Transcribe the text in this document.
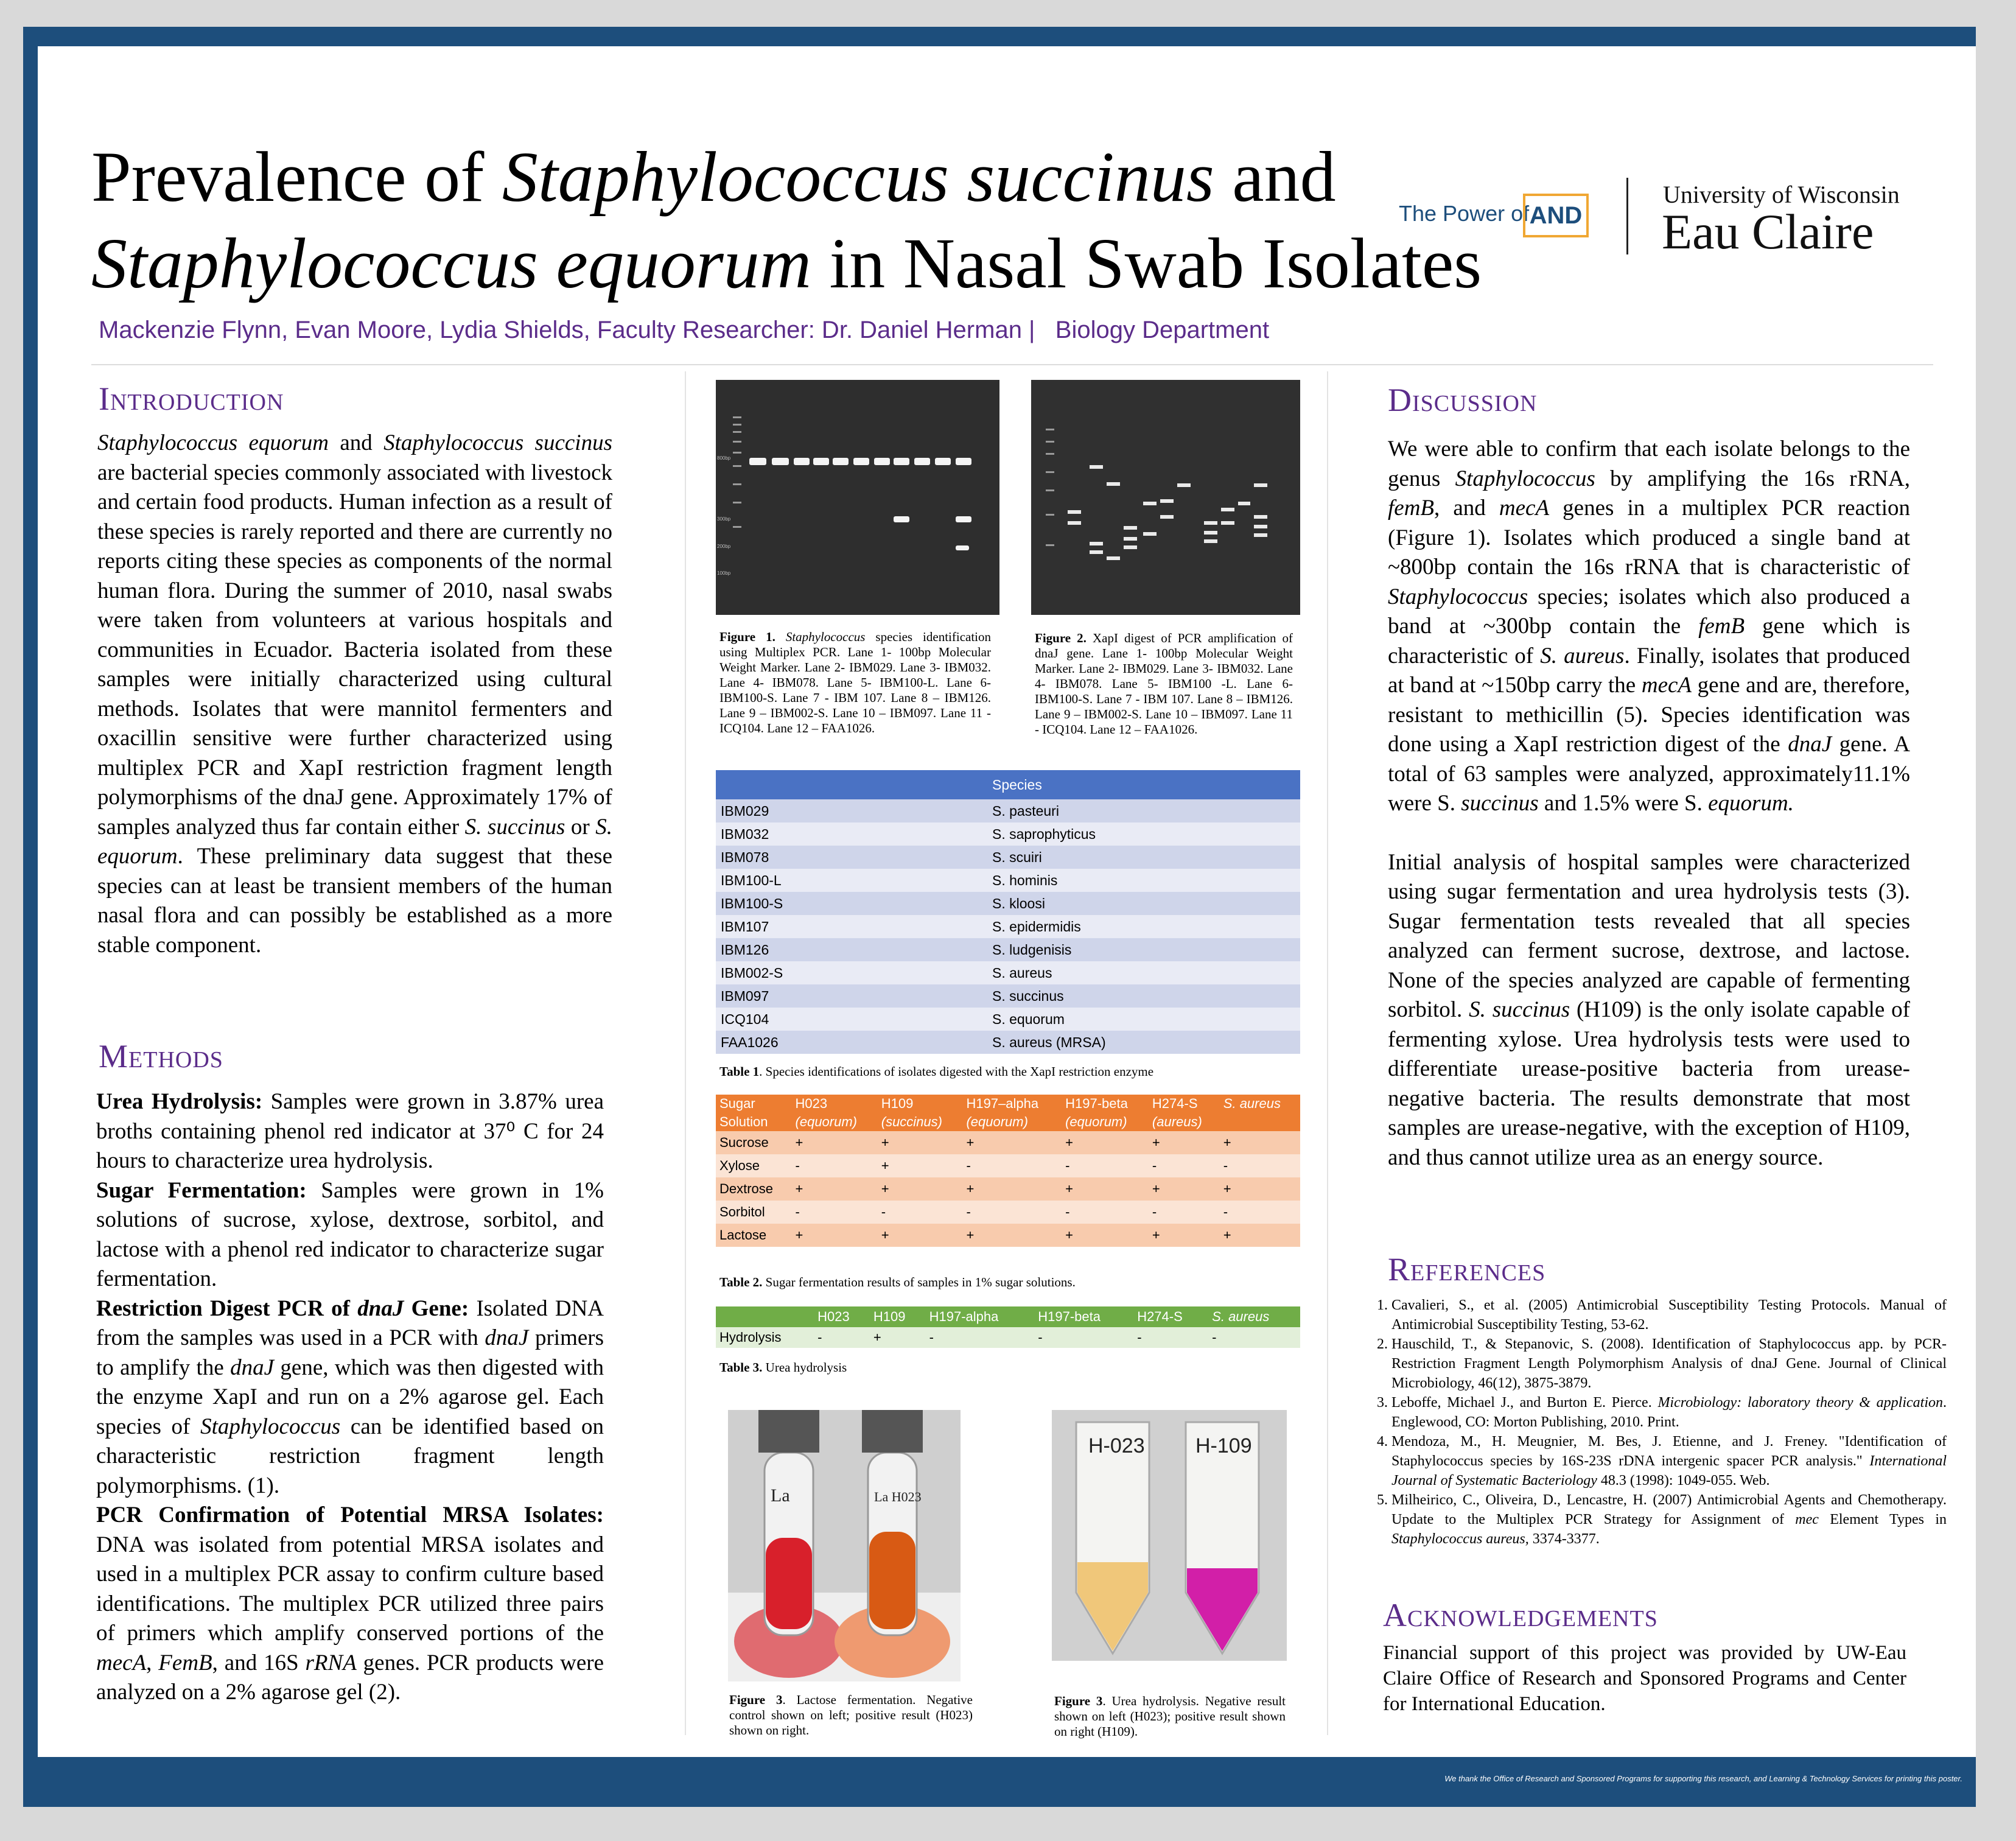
Prevalence of Staphylococcus succinus and
Staphylococcus equorum in Nasal Swab Isolates
Mackenzie Flynn, Evan Moore, Lydia Shields, Faculty Researcher: Dr. Daniel Herman |   Biology Department
The Power of AND
University of Wisconsin
Eau Claire
Introduction
Staphylococcus equorum and Staphylococcus succinus are bacterial species commonly associated with livestock and certain food products. Human infection as a result of these species is rarely reported and there are currently no reports citing these species as components of the normal human flora. During the summer of 2010, nasal swabs were taken from volunteers at various hospitals and communities in Ecuador. Bacteria isolated from these samples were initially characterized using cultural methods. Isolates that were mannitol fermenters and oxacillin sensitive were further characterized using multiplex PCR and XapI restriction fragment length polymorphisms of the dnaJ gene. Approximately 17% of samples analyzed thus far contain either S. succinus or S. equorum. These preliminary data suggest that these species can at least be transient members of the human nasal flora and can possibly be established as a more stable component.
Methods
Urea Hydrolysis: Samples were grown in 3.87% urea broths containing phenol red indicator at 37⁰ C for 24 hours to characterize urea hydrolysis.
Sugar Fermentation: Samples were grown in 1% solutions of sucrose, xylose, dextrose, sorbitol, and lactose with a phenol red indicator to characterize sugar fermentation.
Restriction Digest PCR of dnaJ Gene: Isolated DNA from the samples was used in a PCR with dnaJ primers to amplify the dnaJ gene, which was then digested with the enzyme XapI and run on a 2% agarose gel. Each species of Staphylococcus can be identified based on characteristic restriction fragment length polymorphisms. (1).
PCR Confirmation of Potential MRSA Isolates: DNA was isolated from potential MRSA isolates and used in a multiplex PCR assay to confirm culture based identifications. The multiplex PCR utilized three pairs of primers which amplify conserved portions of the mecA, FemB, and 16S rRNA genes. PCR products were analyzed on a 2% agarose gel (2).
800bp
300bp
200bp
100bp
Figure 1. Staphylococcus species identification using Multiplex PCR. Lane 1- 100bp Molecular Weight Marker. Lane 2- IBM029. Lane 3- IBM032. Lane 4- IBM078. Lane 5- IBM100-L. Lane 6- IBM100-S. Lane 7 - IBM 107. Lane 8 – IBM126. Lane 9 – IBM002-S. Lane 10 – IBM097. Lane 11 - ICQ104. Lane 12 – FAA1026.
Figure 2. XapI digest of PCR amplification of dnaJ gene. Lane 1- 100bp Molecular Weight Marker. Lane 2- IBM029. Lane 3- IBM032. Lane 4- IBM078. Lane 5- IBM100 -L. Lane 6- IBM100-S. Lane 7 - IBM 107. Lane 8 – IBM126. Lane 9 – IBM002-S. Lane 10 – IBM097. Lane 11 - ICQ104. Lane 12 – FAA1026.
	Species
IBM029	S. pasteuri
IBM032	S. saprophyticus
IBM078	S. scuiri
IBM100-L	S. hominis
IBM100-S	S. kloosi
IBM107	S. epidermidis
IBM126	S. ludgenisis
IBM002-S	S. aureus
IBM097	S. succinus
ICQ104	S. equorum
FAA1026	S. aureus (MRSA)
Table 1. Species identifications of isolates digested with the XapI restriction enzyme
Sugar	H023	H109	H197–alpha	H197-beta	H274-S	S. aureus
Solution	(equorum)	(succinus)	(equorum)	(equorum)	(aureus)	
Sucrose	+	+	+	+	+	+
Xylose	-	+	-	-	-	-
Dextrose	+	+	+	+	+	+
Sorbitol	-	-	-	-	-	-
Lactose	+	+	+	+	+	+
Table 2. Sugar fermentation results of samples in 1% sugar solutions.
	H023	H109	H197-alpha	H197-beta	H274-S	S. aureus
Hydrolysis	-	+	-	-	-	-
Table 3. Urea hydrolysis
La	La H023
Figure 3. Lactose fermentation. Negative control shown on left; positive result (H023) shown on right.
H-023 H-109
Figure 3. Urea hydrolysis. Negative result shown on left (H023); positive result shown on right (H109).
Discussion
We were able to confirm that each isolate belongs to the genus Staphylococcus by amplifying the 16s rRNA, femB, and mecA genes in a multiplex PCR reaction (Figure 1). Isolates which produced a single band at ~800bp contain the 16s rRNA that is characteristic of Staphylococcus species; isolates which also produced a band at ~300bp contain the femB gene which is characteristic of S. aureus. Finally, isolates that produced at band at ~150bp carry the mecA gene and are, therefore, resistant to methicillin (5). Species identification was done using a XapI restriction digest of the dnaJ gene. A total of 63 samples were analyzed, approximately11.1% were S. succinus and 1.5% were S. equorum.
Initial analysis of hospital samples were characterized using sugar fermentation and urea hydrolysis tests (3). Sugar fermentation tests revealed that all species analyzed can ferment sucrose, dextrose, and lactose. None of the species analyzed are capable of fermenting sorbitol. S. succinus (H109) is the only isolate capable of fermenting xylose. Urea hydrolysis tests were used to differentiate urease-positive bacteria from urease-negative bacteria. The results demonstrate that most samples are urease-negative, with the exception of H109, and thus cannot utilize urea as an energy source.
References
1. Cavalieri, S., et al. (2005) Antimicrobial Susceptibility Testing Protocols. Manual of Antimicrobial Susceptibility Testing, 53-62.
2. Hauschild, T., & Stepanovic, S. (2008). Identification of Staphylococcus app. by PCR-Restriction Fragment Length Polymorphism Analysis of dnaJ Gene. Journal of Clinical Microbiology, 46(12), 3875-3879.
3. Leboffe, Michael J., and Burton E. Pierce. Microbiology: laboratory theory & application. Englewood, CO: Morton Publishing, 2010. Print.
4. Mendoza, M., H. Meugnier, M. Bes, J. Etienne, and J. Freney. "Identification of Staphylococcus species by 16S-23S rDNA intergenic spacer PCR analysis." International Journal of Systematic Bacteriology 48.3 (1998): 1049-055. Web.
5. Milheirico, C., Oliveira, D., Lencastre, H. (2007) Antimicrobial Agents and Chemotherapy. Update to the Multiplex PCR Strategy for Assignment of mec Element Types in Staphylococcus aureus, 3374-3377.
Acknowledgements
Financial support of this project was provided by UW-Eau Claire Office of Research and Sponsored Programs and Center for International Education.
We thank the Office of Research and Sponsored Programs for supporting this research, and Learning & Technology Services for printing this poster.
